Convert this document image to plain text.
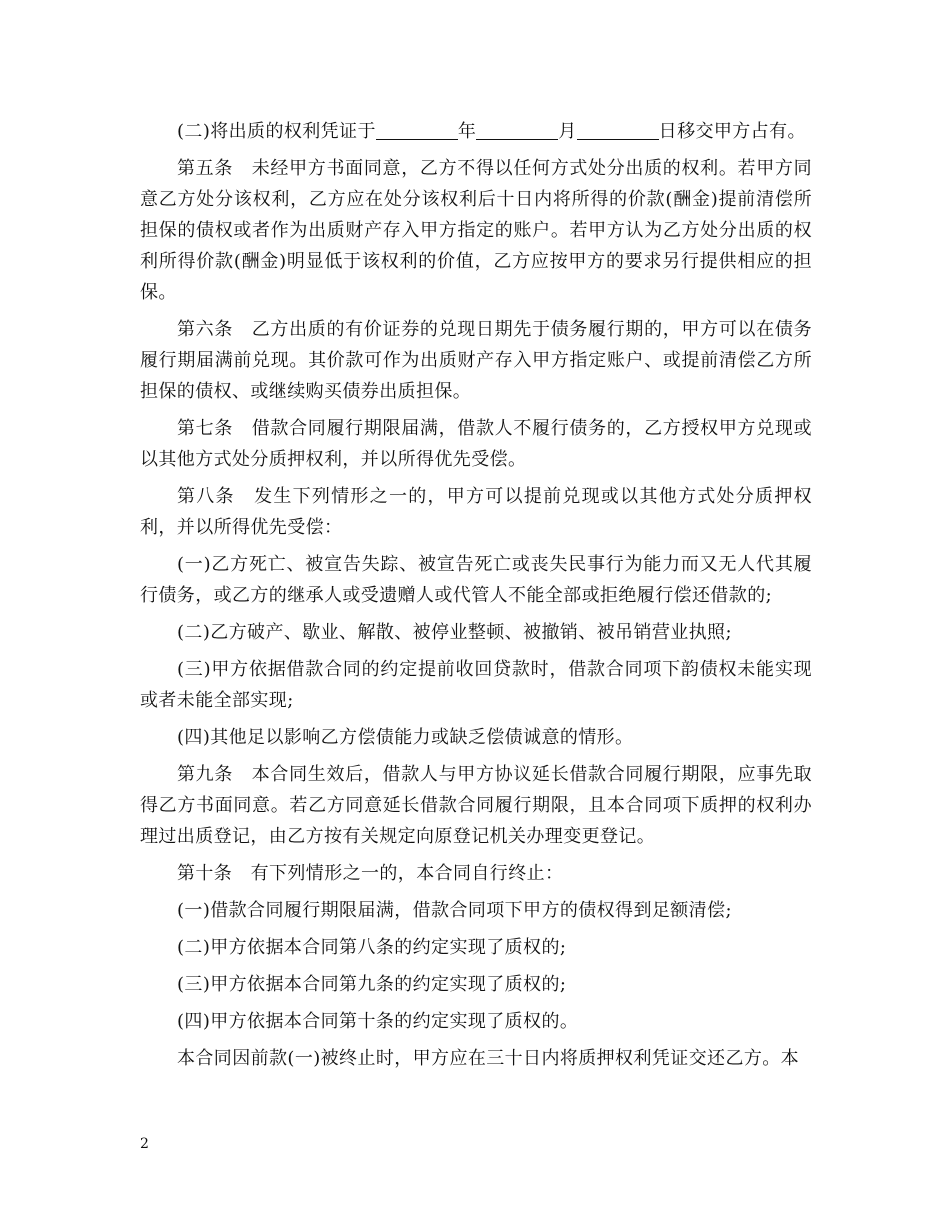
(二)将出质的权利凭证于	年	月	日移交甲方占有。

第五条　未经甲方书面同意，乙方不得以任何方式处分出质的权利。若甲方同意乙方处分该权利，乙方应在处分该权利后十日内将所得的价款(酬金)提前清偿所担保的债权或者作为出质财产存入甲方指定的账户。若甲方认为乙方处分出质的权利所得价款(酬金)明显低于该权利的价值，乙方应按甲方的要求另行提供相应的担保。

第六条　乙方出质的有价证券的兑现日期先于债务履行期的，甲方可以在债务履行期届满前兑现。其价款可作为出质财产存入甲方指定账户、或提前清偿乙方所担保的债权、或继续购买债券出质担保。

第七条　借款合同履行期限届满，借款人不履行债务的，乙方授权甲方兑现或以其他方式处分质押权利，并以所得优先受偿。

第八条　发生下列情形之一的，甲方可以提前兑现或以其他方式处分质押权利，并以所得优先受偿：

(一)乙方死亡、被宣告失踪、被宣告死亡或丧失民事行为能力而又无人代其履行债务，或乙方的继承人或受遗赠人或代管人不能全部或拒绝履行偿还借款的;

(二)乙方破产、歇业、解散、被停业整顿、被撤销、被吊销营业执照;

(三)甲方依据借款合同的约定提前收回贷款时，借款合同项下韵债权未能实现或者未能全部实现;

(四)其他足以影响乙方偿债能力或缺乏偿债诚意的情形。

第九条　本合同生效后，借款人与甲方协议延长借款合同履行期限，应事先取得乙方书面同意。若乙方同意延长借款合同履行期限，且本合同项下质押的权利办理过出质登记，由乙方按有关规定向原登记机关办理变更登记。

第十条　有下列情形之一的，本合同自行终止：

(一)借款合同履行期限届满，借款合同项下甲方的债权得到足额清偿;

(二)甲方依据本合同第八条的约定实现了质权的;

(三)甲方依据本合同第九条的约定实现了质权的;

(四)甲方依据本合同第十条的约定实现了质权的。

本合同因前款(一)被终止时，甲方应在三十日内将质押权利凭证交还乙方。本

2
